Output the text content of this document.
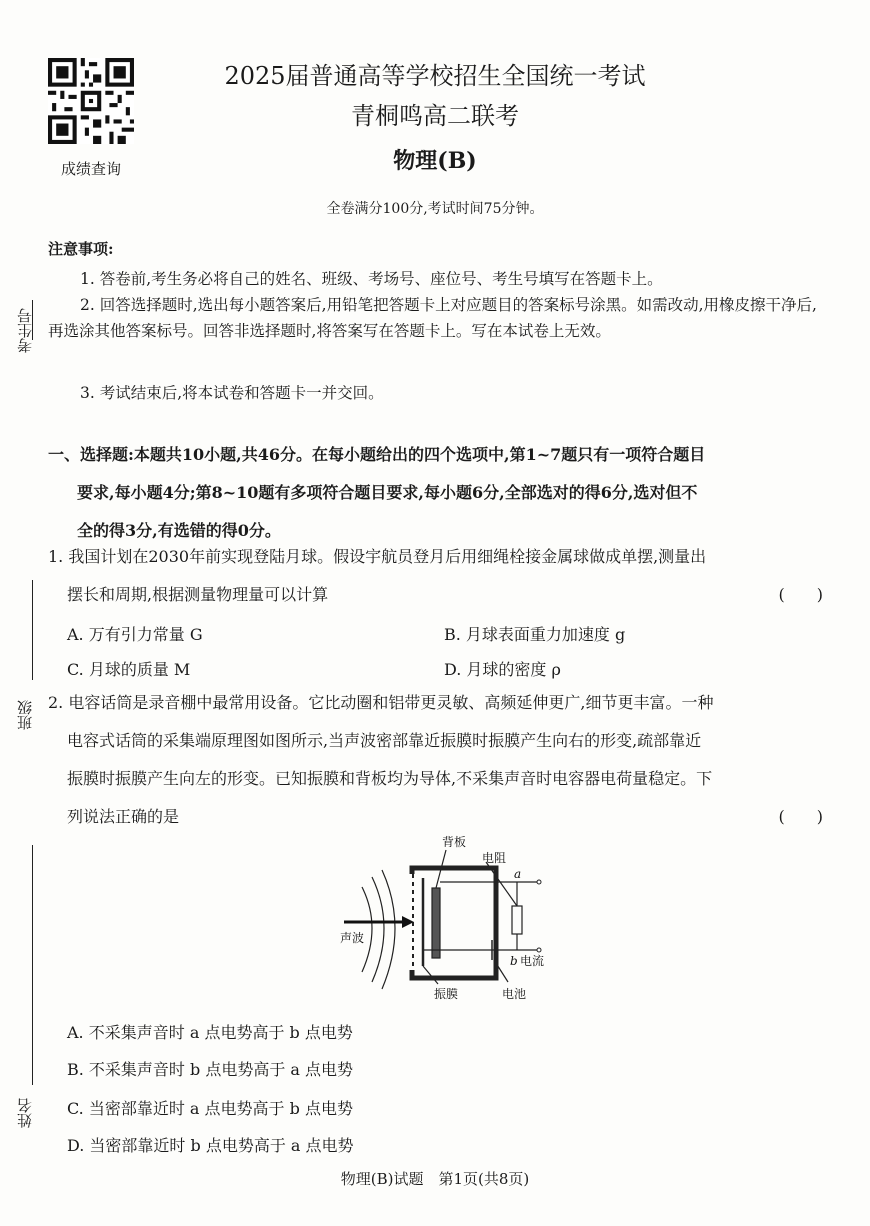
成绩查询
2025届普通高等学校招生全国统一考试
青桐鸣高二联考
物理(B)
全卷满分100分,考试时间75分钟。
考生号
班级
姓名
注意事项:
1. 答卷前,考生务必将自己的姓名、班级、考场号、座位号、考生号填写在答题卡上。
2. 回答选择题时,选出每小题答案后,用铅笔把答题卡上对应题目的答案标号涂黑。如需改动,用橡皮擦干净后,再选涂其他答案标号。回答非选择题时,将答案写在答题卡上。写在本试卷上无效。
3. 考试结束后,将本试卷和答题卡一并交回。
一、选择题:本题共10小题,共46分。在每小题给出的四个选项中,第1~7题只有一项符合题目
要求,每小题4分;第8~10题有多项符合题目要求,每小题6分,全部选对的得6分,选对但不
全的得3分,有选错的得0分。
1. 我国计划在2030年前实现登陆月球。假设宇航员登月后用细绳栓接金属球做成单摆,测量出
摆长和周期,根据测量物理量可以计算	(　　)
A. 万有引力常量 G	B. 月球表面重力加速度 g
C. 月球的质量 M	D. 月球的密度 ρ
2. 电容话筒是录音棚中最常用设备。它比动圈和铝带更灵敏、高频延伸更广,细节更丰富。一种
电容式话筒的采集端原理图如图所示,当声波密部靠近振膜时振膜产生向右的形变,疏部靠近
振膜时振膜产生向左的形变。已知振膜和背板均为导体,不采集声音时电容器电荷量稳定。下
列说法正确的是	(　　)
背板
电阻
a
声波
b 电流
振膜	电池
A. 不采集声音时 a 点电势高于 b 点电势
B. 不采集声音时 b 点电势高于 a 点电势
C. 当密部靠近时 a 点电势高于 b 点电势
D. 当密部靠近时 b 点电势高于 a 点电势
物理(B)试题　第1页(共8页)
